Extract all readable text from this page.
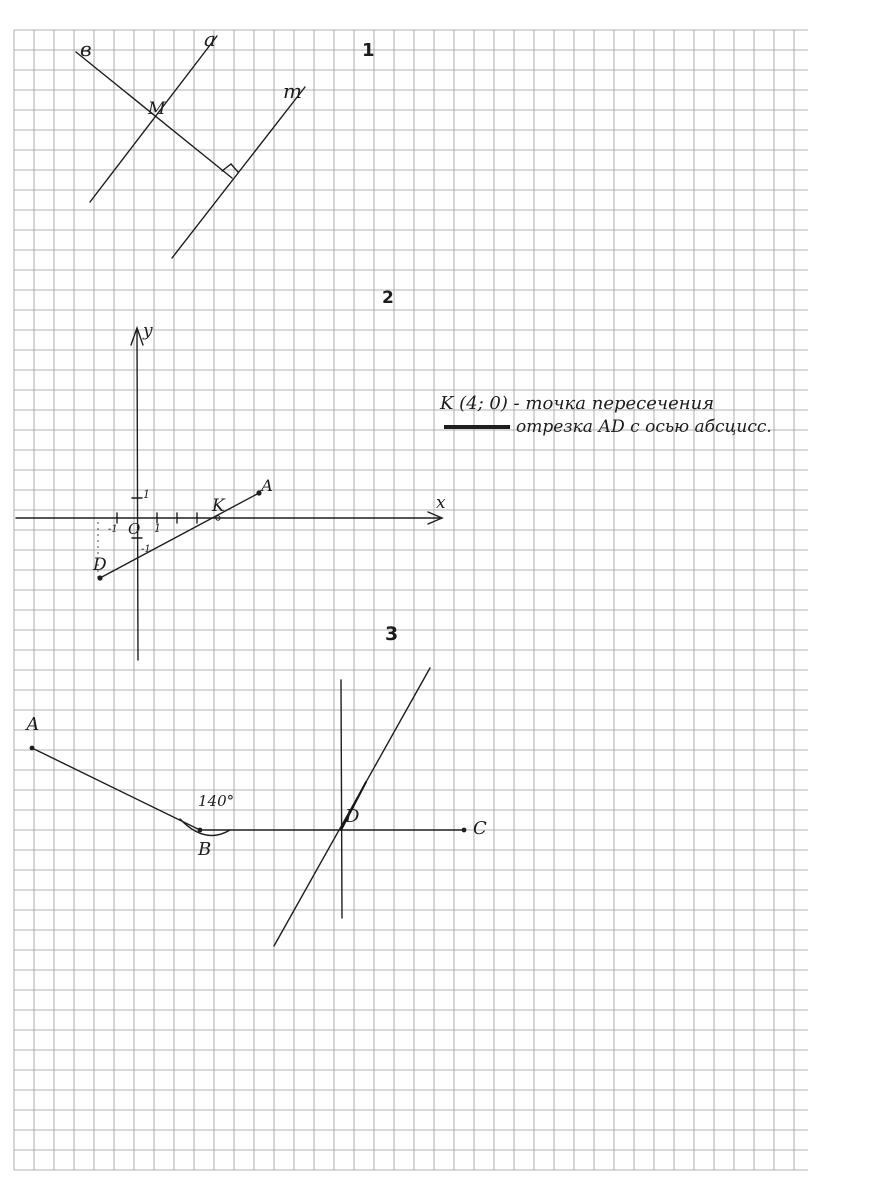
1
в	a
m
M
2
x
y
O 1
1
-1
-1
А
D
K
K (4; 0) - точка пересечения
отрезка АD с осью абсцисс.
3
А
В
С
D
140°
